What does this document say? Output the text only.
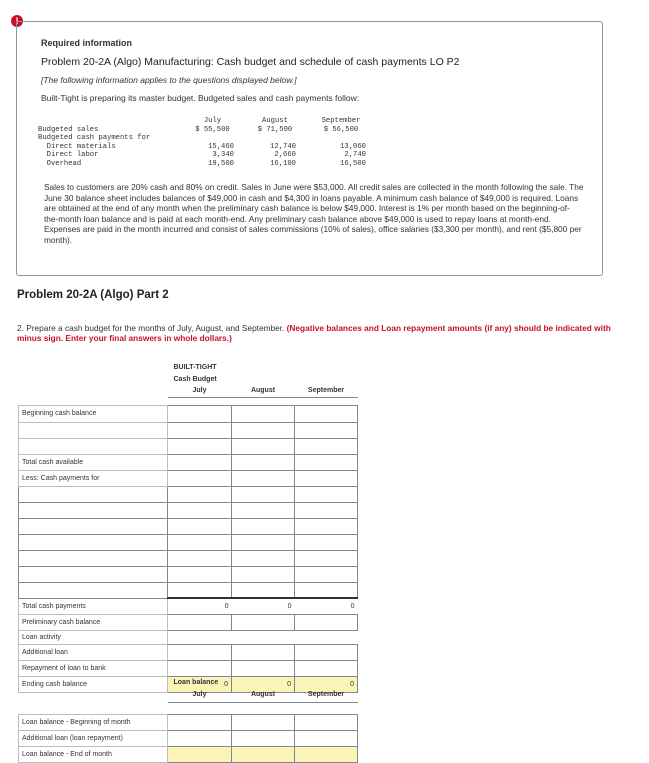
!
Required information
Problem 20-2A (Algo) Manufacturing: Cash budget and schedule of cash payments LO P2
[The following information applies to the questions displayed below.]
Built-Tight is preparing its master budget. Budgeted sales and cash payments follow:
	July	August	September
Budgeted sales	$ 55,500	$ 71,500	$ 56,500
Budgeted cash payments for			
Direct materials	15,460	12,740	13,060
Direct labor	3,340	2,660	2,740
Overhead	19,500	16,100	16,500
Sales to customers are 20% cash and 80% on credit. Sales in June were $53,000. All credit sales are collected in the month following the sale. The June 30 balance sheet includes balances of $49,000 in cash and $4,300 in loans payable. A minimum cash balance of $49,000 is required. Loans are obtained at the end of any month when the preliminary cash balance is below $49,000. Interest is 1% per month based on the beginning-of-the-month loan balance and is paid at each month-end. Any preliminary cash balance above $49,000 is used to repay loans at month-end. Expenses are paid in the month incurred and consist of sales commissions (10% of sales), office salaries ($3,300 per month), and rent ($5,800 per month).
Problem 20-2A (Algo) Part 2
2. Prepare a cash budget for the months of July, August, and September. (Negative balances and Loan repayment amounts (if any) should be indicated with minus sign. Enter your final answers in whole dollars.)
	BUILT-TIGHT		
	Cash Budget		
	July	August	September

Beginning cash balance			

Total cash available			
Less: Cash payments for			

Total cash payments	0	0	0
Preliminary cash balance			
Loan activity			
Additional loan			
Repayment of loan to bank			
Ending cash balance	0	0	0
	Loan balance		
	July	August	September

Loan balance - Beginning of month			
Additional loan (loan repayment)			
Loan balance - End of month			
